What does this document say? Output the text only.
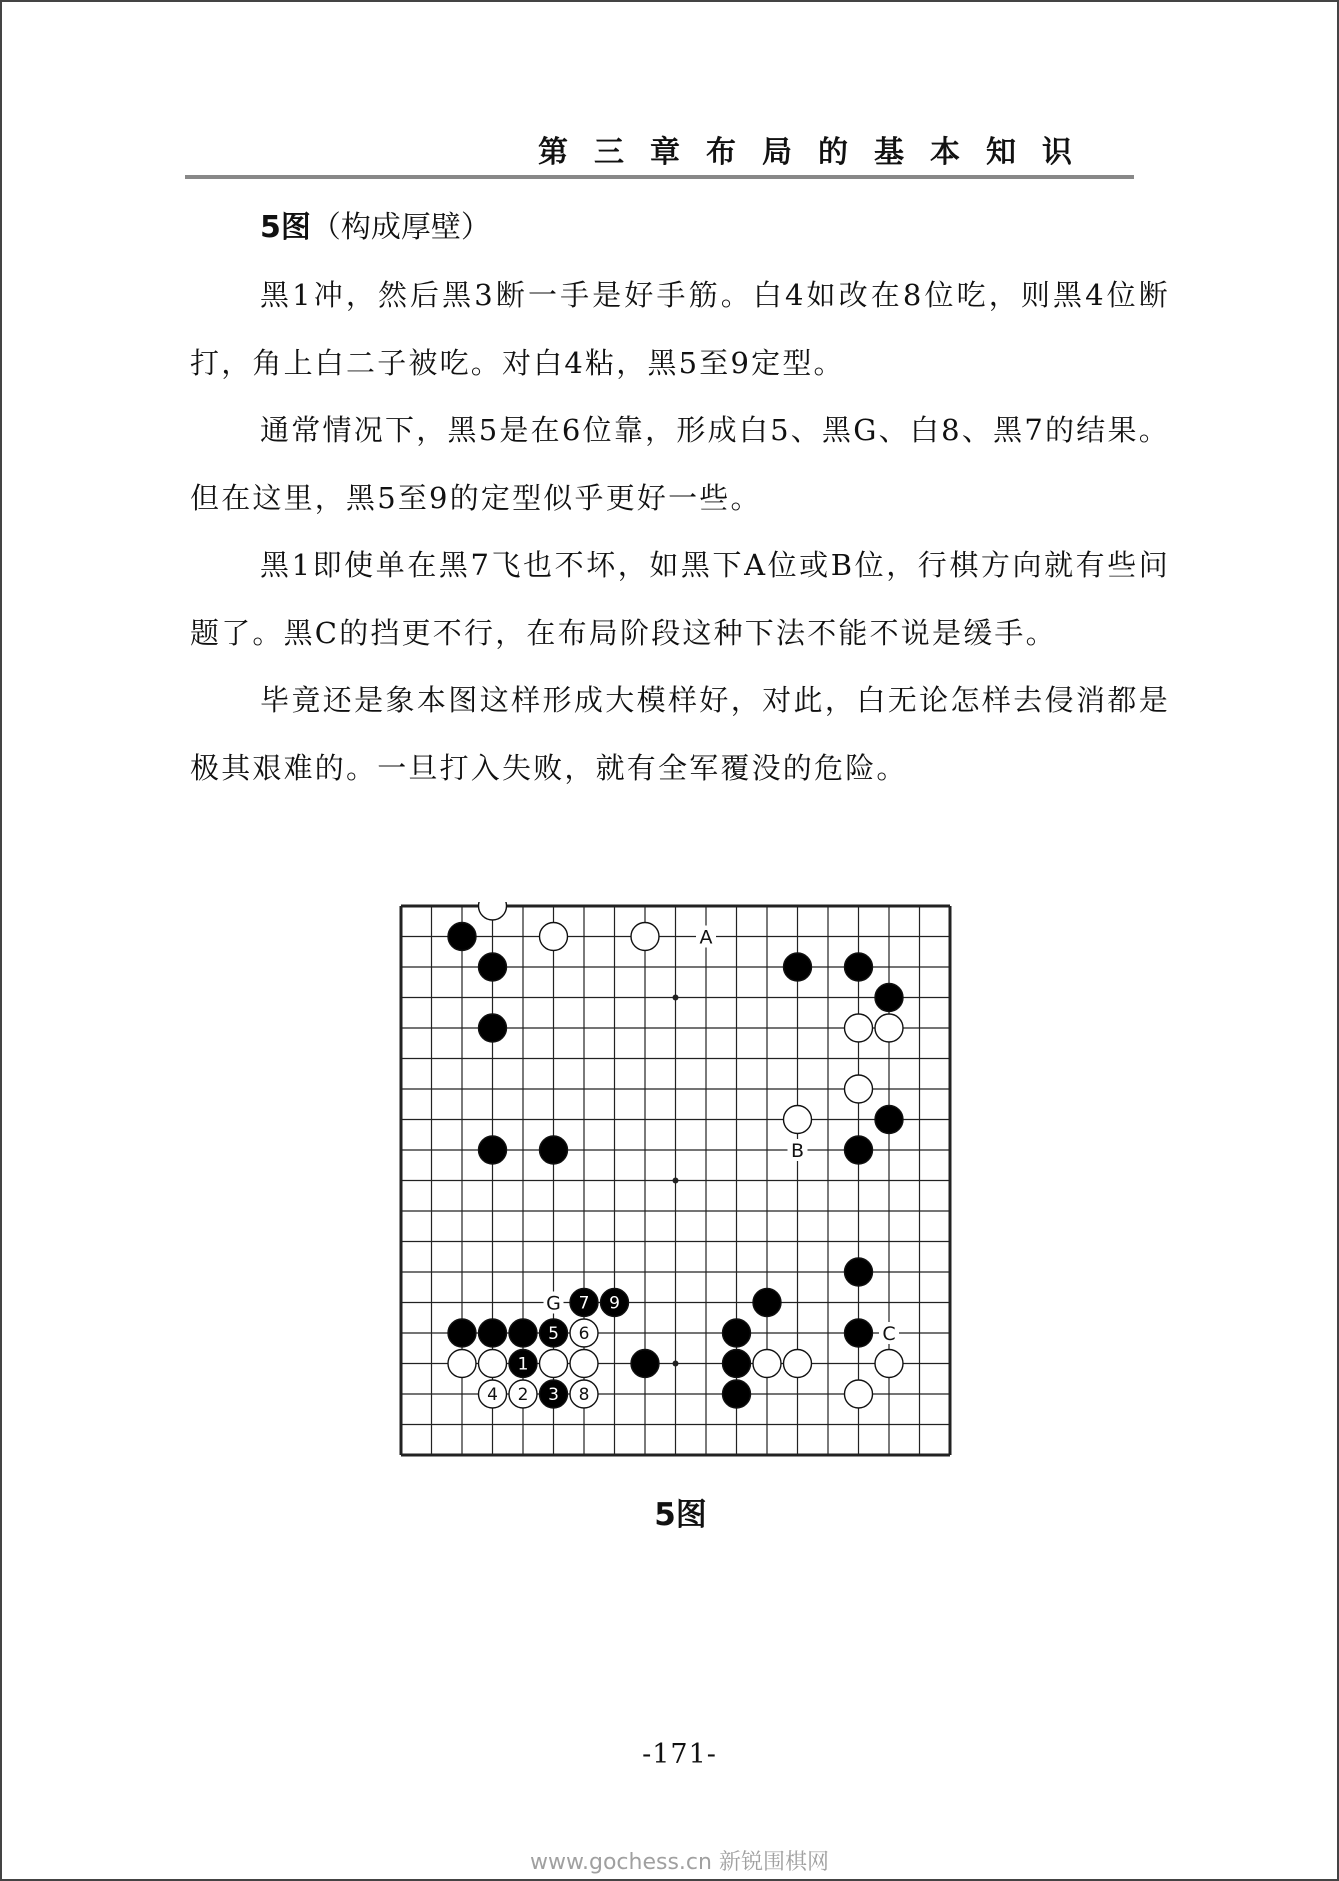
第三章布局的基本知识
5图（构成厚壁）

黑1冲，然后黑3断一手是好手筋。白4如改在8位吃，则黑4位断打，角上白二子被吃。对白4粘，黑5至9定型。

通常情况下，黑5是在6位靠，形成白5、黑G、白8、黑7的结果。但在这里，黑5至9的定型似乎更好一些。

黑1即使单在黑7飞也不坏，如黑下A位或B位，行棋方向就有些问题了。黑C的挡更不行，在布局阶段这种下法不能不说是缓手。

毕竟还是象本图这样形成大模样好，对此，白无论怎样去侵消都是极其艰难的。一旦打入失败，就有全军覆没的危险。

A
B
C
G 7 9
5 6
1
4 2 3 8
5图
-171-
www.gochess.cn 新锐围棋网
